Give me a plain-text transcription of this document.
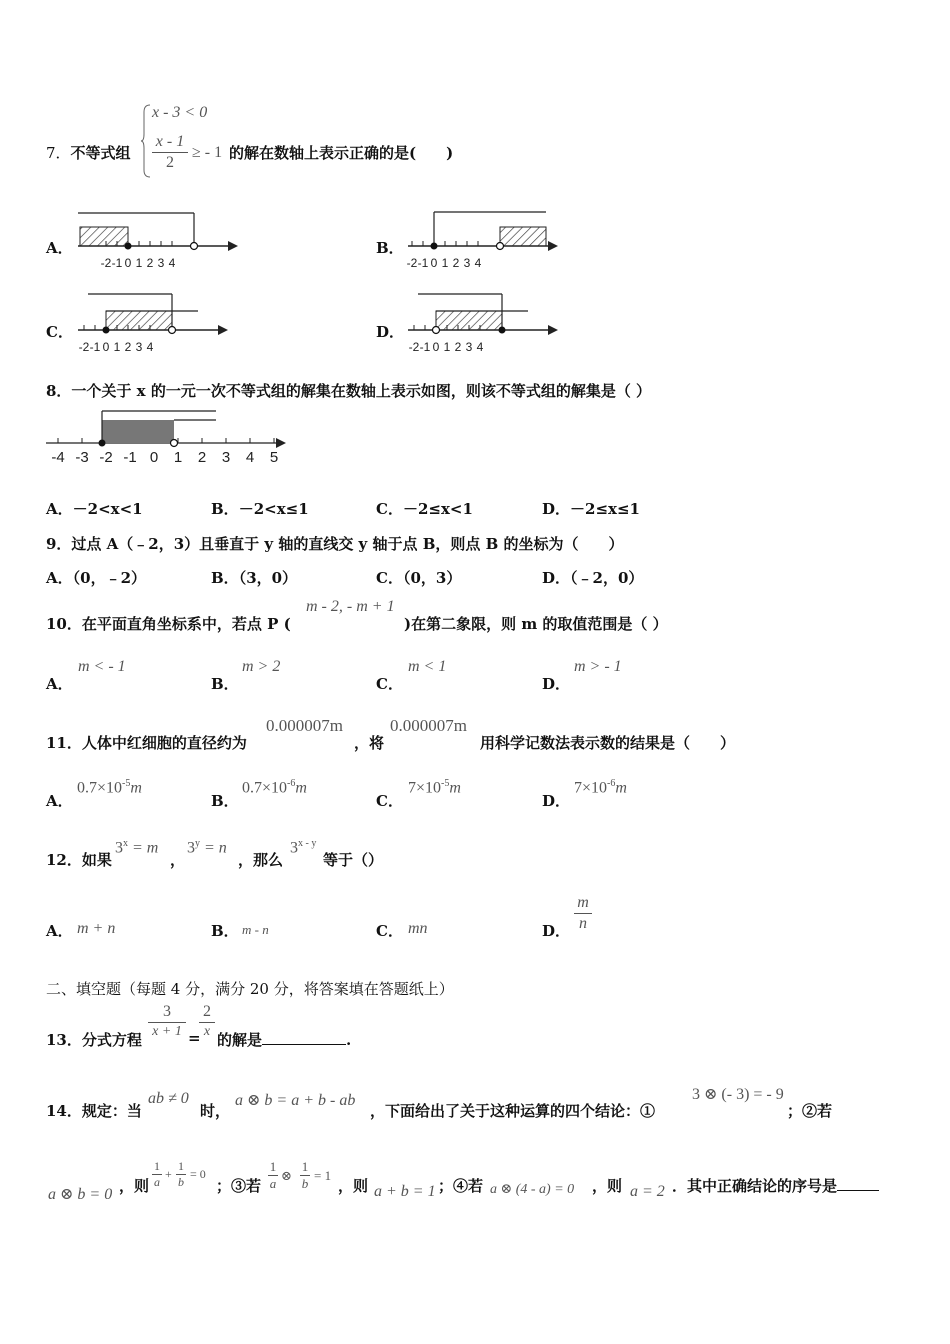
7．不等式组
x - 3 < 0
x - 1
2
≥ - 1 的解在数轴上表示正确的是(　　)
A．	B．
C．	D．
-2 -1 0 1 2 3 4	-2 -1 0 1 2 3 4
-2 -1 0 1 2 3 4	-2 -1 0 1 2 3 4
8．一个关于 x 的一元一次不等式组的解集在数轴上表示如图，则该不等式组的解集是（ ）
-4 -3 -2 -1 0 1 2 3 4 5
A．－2<x<1	B．－2<x≤1	C．－2≤x<1	D．－2≤x≤1
9．过点 A（﹣2，3）且垂直于 y 轴的直线交 y 轴于点 B，则点 B 的坐标为（　　）
A．（0，﹣2）	B．（3，0）	C．（0，3）	D．（﹣2，0）
10．在平面直角坐标系中，若点 P (
m - 2, - m + 1
)在第二象限，则 m 的取值范围是（ ）
A．
m < - 1
B．
m > 2
C．
m < 1
D．
m > - 1
11．人体中红细胞的直径约为
0.000007m
，将
0.000007m
用科学记数法表示数的结果是（　　）
A．
$0.7\times 10^{-5}m$
B．
$0.7\times 10^{-6}m$
C．
$7\times 10^{-5}m$
D．
$7\times 10^{-6}m$
12．如果
$3^x = m$
，
$3^y = n$
，那么
3$^{x - y}$
等于（）
A． m + n	B． m - n	C． mn	D．
m
n
二、填空题（每题 4 分，满分 20 分，将答案填在答题纸上）
13．分式方程
3
x + 1 =
2
x 的解是	.
14．规定：当
ab ≠ 0
时，
a ⊗ b = a + b - ab
，下面给出了关于这种运算的四个结论：①
3 ⊗ (- 3) = - 9
；②若
a ⊗ b = 0 ，则
1
a
+
1
b
= 0
；③若
1
a
⊗
1
b
= 1
，则 a + b = 1 ；④若 a ⊗ (4 - a) = 0 ，则 a = 2 ．其中正确结论的序号是
